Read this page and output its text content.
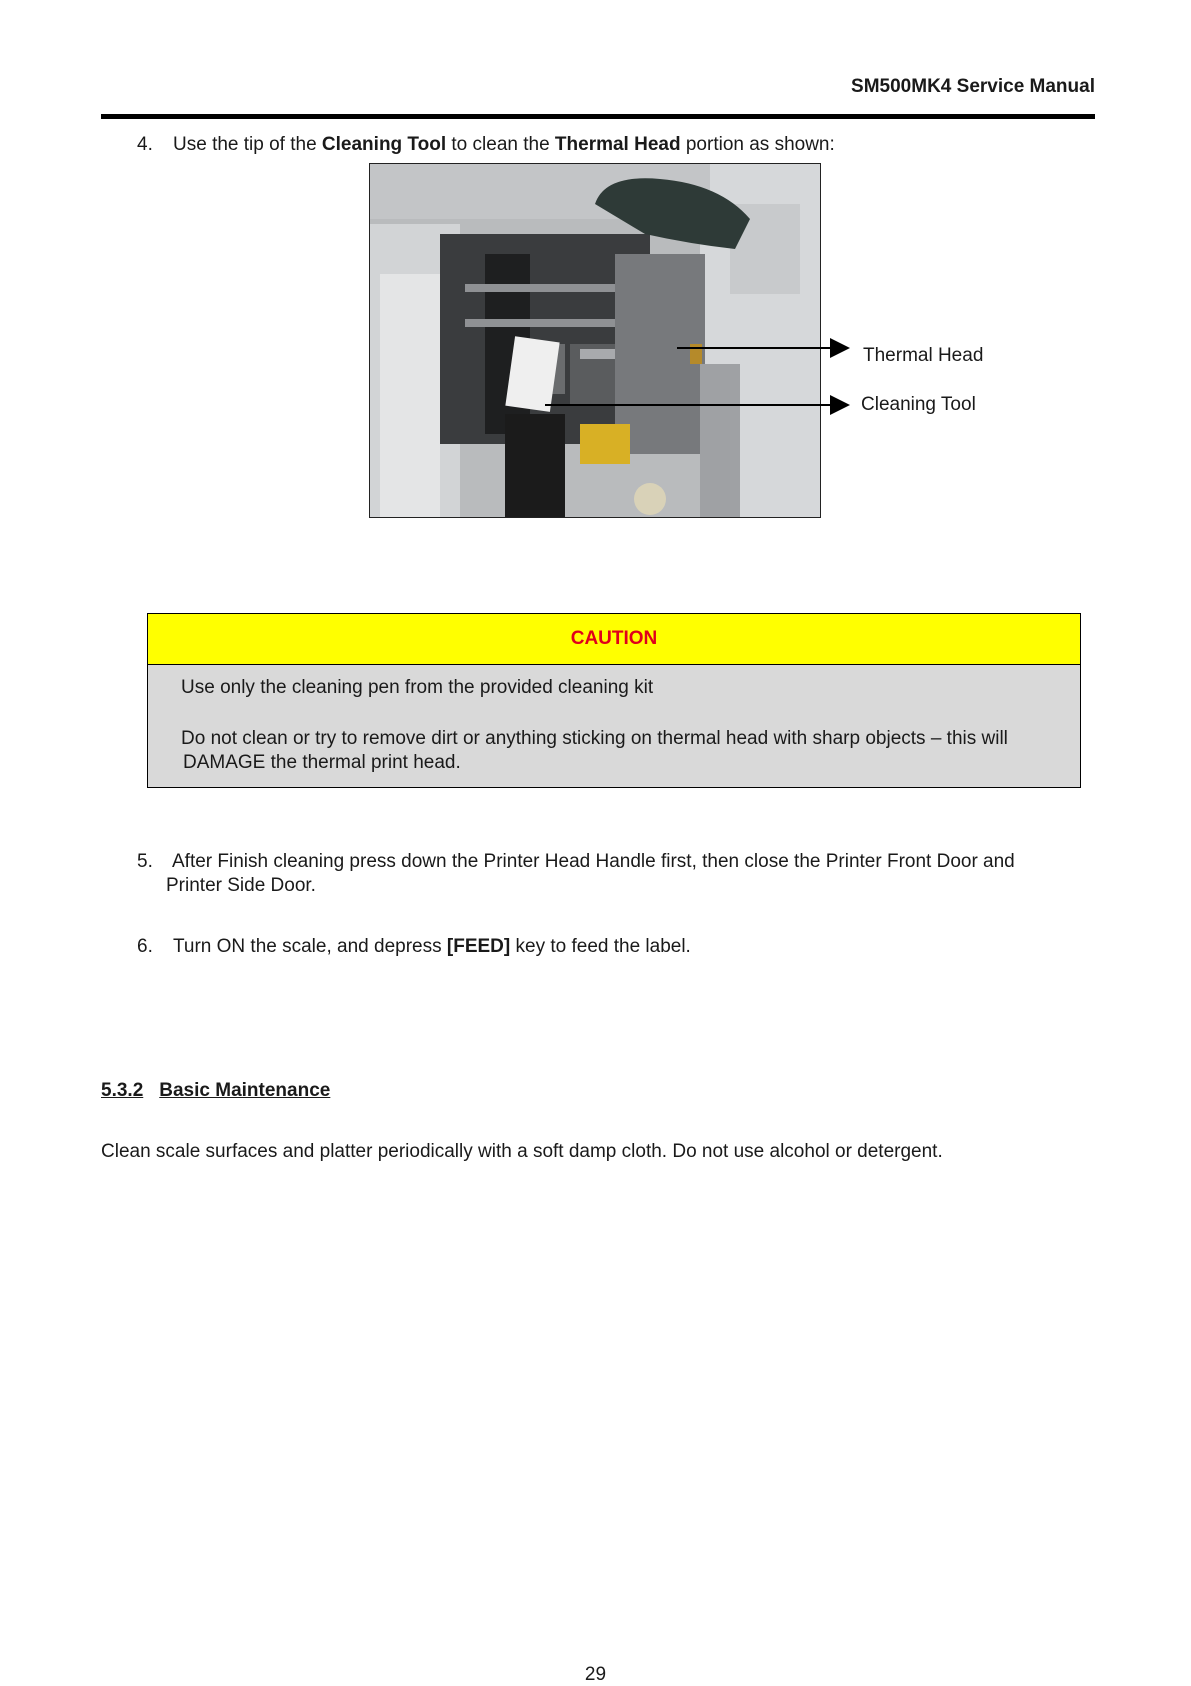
SM500MK4 Service Manual
4. Use the tip of the Cleaning Tool to clean the Thermal Head portion as shown:
Thermal Head
Cleaning Tool
CAUTION
Use only the cleaning pen from the provided cleaning kit
Do not clean or try to remove dirt or anything sticking on thermal head with sharp objects – this will
DAMAGE the thermal print head.
5. After Finish cleaning press down the Printer Head Handle first, then close the Printer Front Door and
Printer Side Door.
6. Turn ON the scale, and depress [FEED] key to feed the label.
5.3.2 Basic Maintenance
Clean scale surfaces and platter periodically with a soft damp cloth. Do not use alcohol or detergent.
29
